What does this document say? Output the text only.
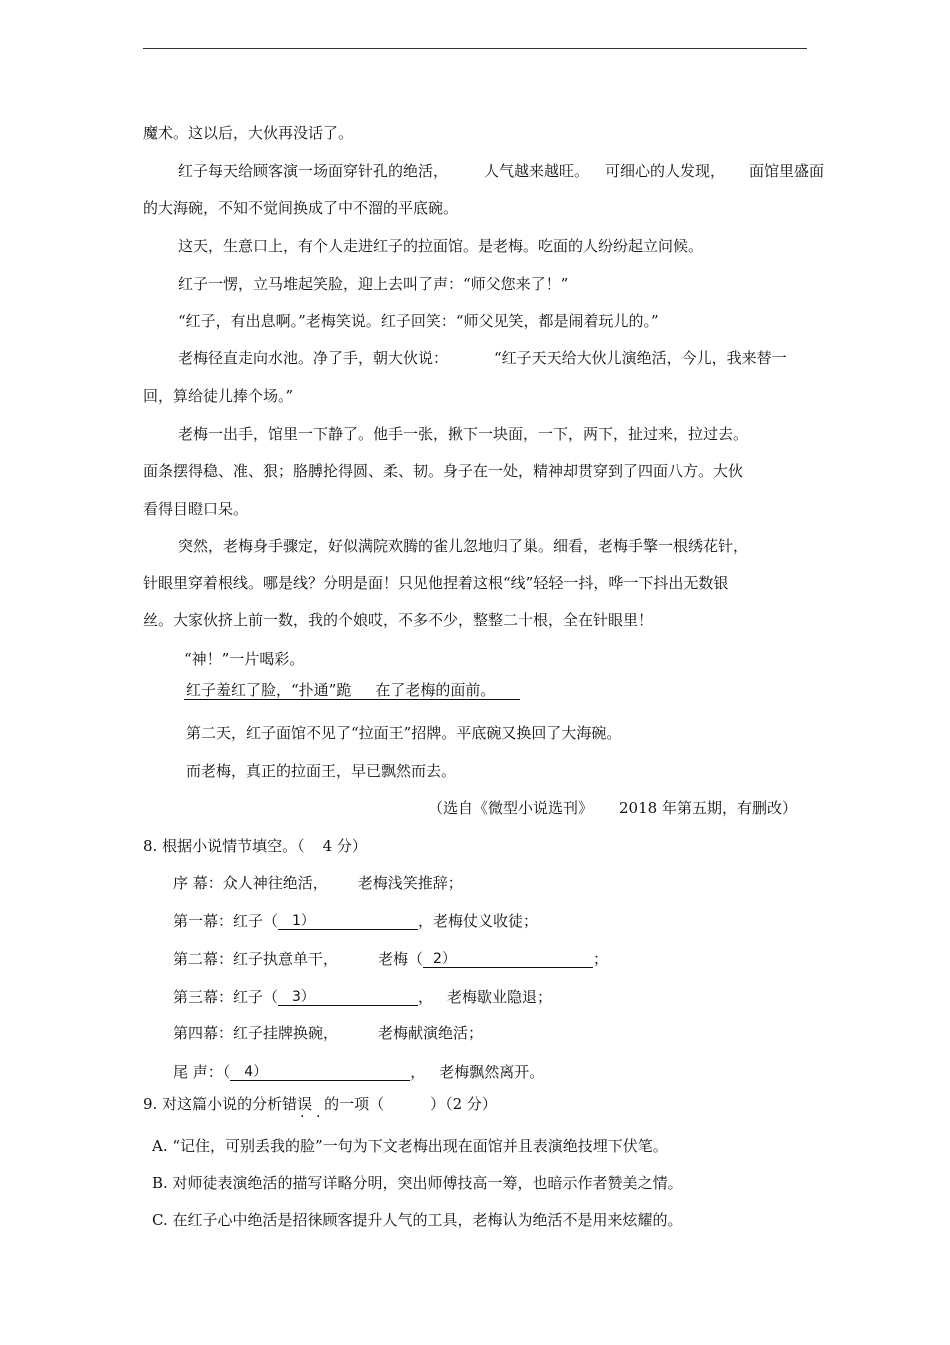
魔术。这以后，大伙再没话了。
红子每天给顾客演一场面穿针孔的绝活， 人气越来越旺。 可细心的人发现， 面馆里盛面
的大海碗，不知不觉间换成了中不溜的平底碗。
这天，生意口上，有个人走进红子的拉面馆。是老梅。吃面的人纷纷起立问候。
红子一愣，立马堆起笑脸，迎上去叫了声：“师父您来了！”
“红子，有出息啊。”老梅笑说。红子回笑：“师父见笑，都是闹着玩儿的。”
老梅径直走向水池。净了手，朝大伙说：	“红子天天给大伙儿演绝活，今儿，我来替一
回，算给徒儿捧个场。”
老梅一出手，馆里一下静了。他手一张，揪下一块面，一下，两下，扯过来，拉过去。
面条摆得稳、准、狠；胳膊抡得圆、柔、韧。身子在一处，精神却贯穿到了四面八方。大伙
看得目瞪口呆。
突然，老梅身手骤定，好似满院欢腾的雀儿忽地归了巢。细看，老梅手擎一根绣花针，
针眼里穿着根线。哪是线？分明是面！只见他捏着这根“线”轻轻一抖，哗一下抖出无数银
丝。大家伙挤上前一数，我的个娘哎，不多不少，整整二十根，全在针眼里！
“神！”一片喝彩。
红子羞红了脸，“扑通”跪 在了老梅的面前。
第二天，红子面馆不见了“拉面王”招牌。平底碗又换回了大海碗。
而老梅，真正的拉面王，早已飘然而去。
（选自《微型小说选刊》 2018 年第五期，有删改）
8. 根据小说情节填空。（ 4 分）
序 幕：众人神往绝活， 老梅浅笑推辞；
第一幕：红子（ 1）	，老梅仗义收徒；
第二幕：红子执意单干，	老梅（ 2）	；
第三幕：红子（ 3）	， 老梅歇业隐退；
第四幕：红子挂牌换碗，	老梅献演绝活；
尾 声：（ 4）	， 老梅飘然离开。
9. 对这篇小说的分析错误 的一项（	）（2 分）
· ·
A. “记住，可别丢我的脸”一句为下文老梅出现在面馆并且表演绝技埋下伏笔。
B. 对师徒表演绝活的描写详略分明，突出师傅技高一筹，也暗示作者赞美之情。
C. 在红子心中绝活是招徕顾客提升人气的工具，老梅认为绝活不是用来炫耀的。
